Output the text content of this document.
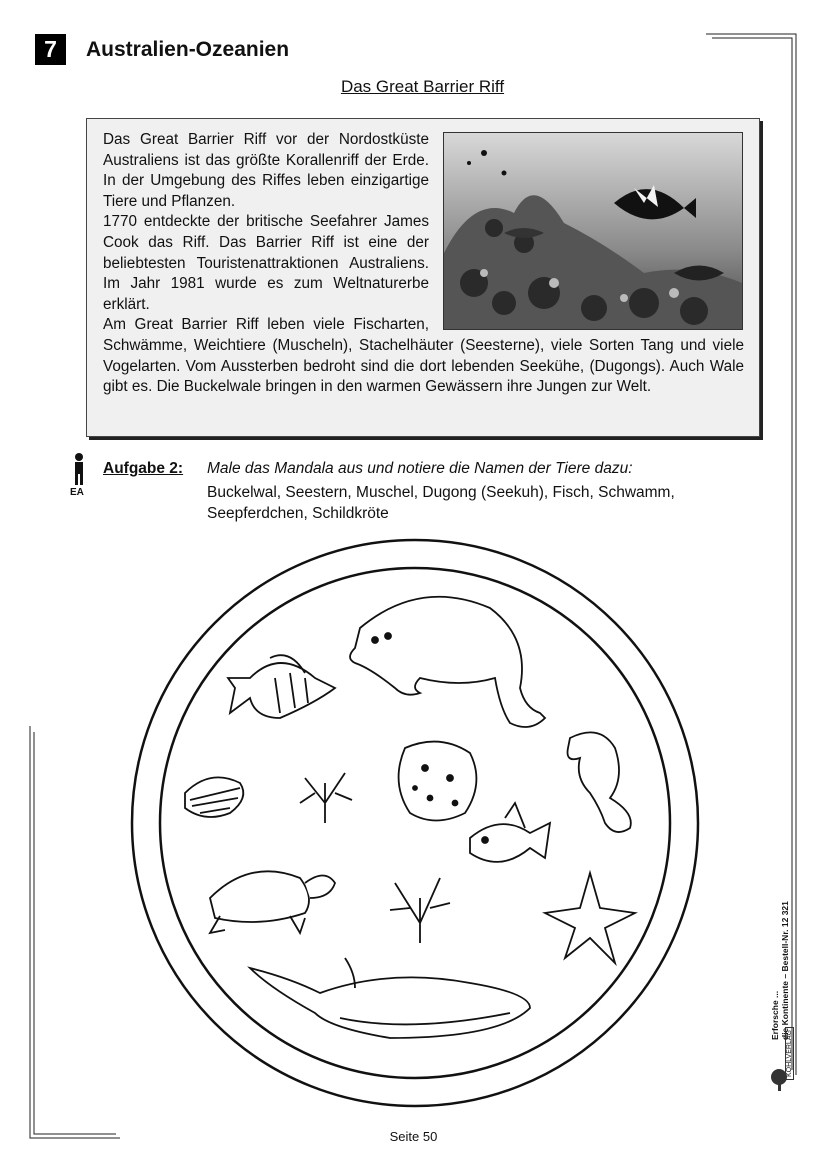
7	Australien-Ozeanien
Das Great Barrier Riff

Das Great Barrier Riff vor der Nordostküste Australiens ist das größte Korallenriff der Erde. In der Umgebung des Riffes leben einzigartige Tiere und Pflanzen.

1770 entdeckte der britische Seefahrer James Cook das Riff. Das Barrier Riff ist eine der beliebtesten Touristenattraktionen Australiens. Im Jahr 1981 wurde es zum Weltnaturerbe erklärt.

Am Great Barrier Riff leben viele Fischarten, Schwämme, Weichtiere (Muscheln), Stachelhäuter (Seesterne), viele Sorten Tang und viele Vogelarten. Vom Aussterben bedroht sind die dort lebenden Seekühe, (Dugongs). Auch Wale gibt es. Die Buckelwale bringen in den warmen Gewässern ihre Jungen zur Welt.

EA
Aufgabe 2: Male das Mandala aus und notiere die Namen der Tiere dazu:
Buckelwal, Seestern, Muschel, Dugong (Seekuh), Fisch, Schwamm, Seepferdchen, Schildkröte
Erforsche ... die Kontinente – Bestell-Nr. 12 321
KOHLVERLAG
Seite 50
